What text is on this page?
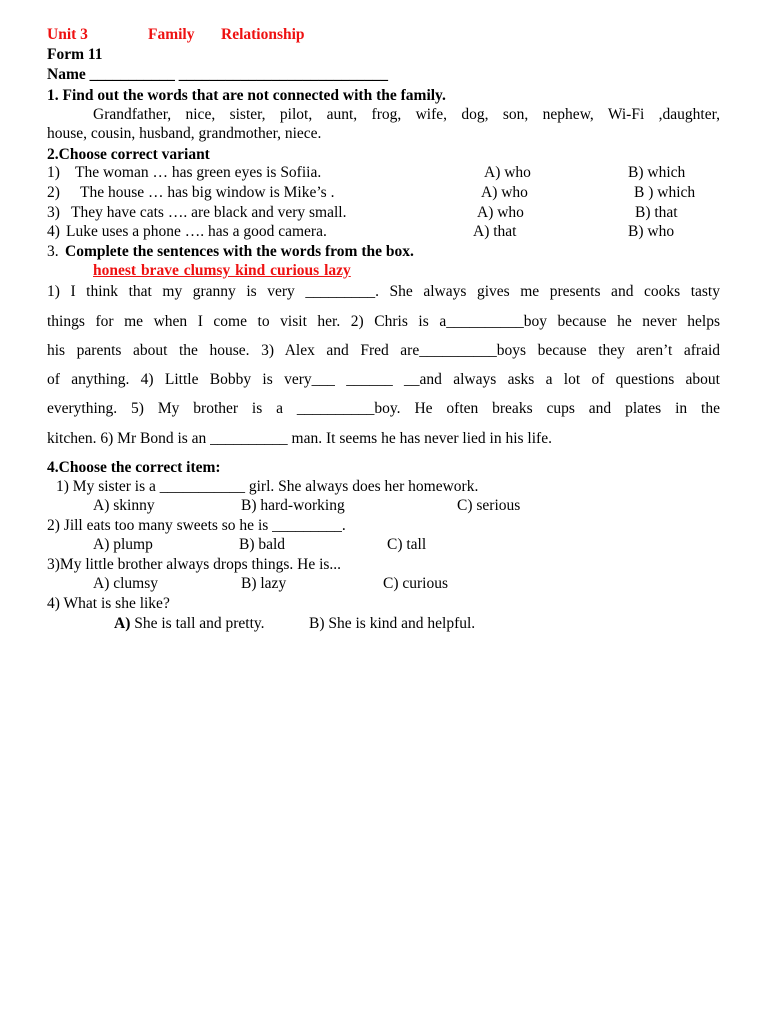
Unit 3	Family Relationship
Form 11
Name ___________ ___________________________
1. Find out the words that are not connected with the family.
Grandfather, nice, sister, pilot, aunt, frog, wife, dog, son, nephew, Wi-Fi ,daughter,
house, cousin, husband, grandmother, niece.
2.Choose correct variant
1) The woman … has green eyes is Sofiia.	A) who	B) which
2) The house … has big window is Mike’s .	A) who	B ) which
3) They have cats …. are black and very small.	A) who	B) that
4) Luke uses a phone …. has a good camera.	A) that	B) who
3. Complete the sentences with the words from the box.
honest brave clumsy kind curious lazy
1) I think that my granny is very _________. She always gives me presents and cooks tasty
things for me when I come to visit her. 2) Chris is a__________boy because he never helps
his parents about the house. 3) Alex and Fred are__________boys because they aren’t afraid
of anything. 4) Little Bobby is very___ ______ __and always asks a lot of questions about
everything. 5) My brother is a __________boy. He often breaks cups and plates in the
kitchen. 6) Mr Bond is an __________ man. It seems he has never lied in his life.
4.Choose the correct item:
1) My sister is a ___________ girl. She always does her homework.
A) skinny	B) hard-working	C) serious
2) Jill eats too many sweets so he is _________.
A) plump	B) bald	C) tall
3)My little brother always drops things. He is...
A) clumsy	B) lazy	C) curious
4) What is she like?
A) She is tall and pretty.	B) She is kind and helpful.
